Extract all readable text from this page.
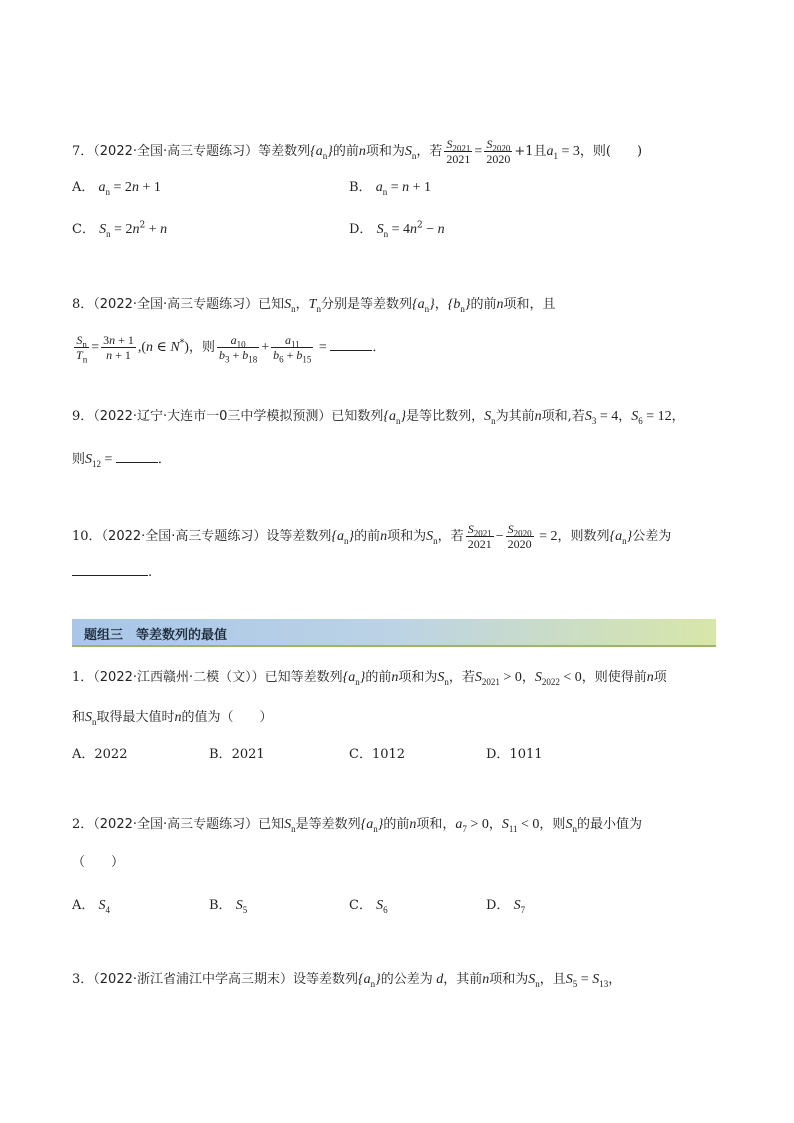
7．（2022·全国·高三专题练习）等差数列$\{a_n\}$的前n项和为$S_n$，若 $\frac{S_{2021}}{2021} = \frac{S_{2020}}{2020} +1$且$a_1 = 3$，则(　　)
A． $a_n = 2n + 1$	B． $a_n = n + 1$
C． $S_n = 2n^2 + n$	D． $S_n = 4n^2 - n$
8．（2022·全国·高三专题练习）已知$S_n$，$T_n$分别是等差数列$\{a_n\}$，$\{b_n\}$的前n项和，且
$\frac{S_n}{T_n} = \frac{3n + 1}{n + 1} ,(n$ ∈ N*)，则 $\frac{a_{10}}{b_3 + b_{18}} + \frac{a_{11}}{b_6 + b_{15}}$ =	．
9．（2022·辽宁·大连市一0三中学模拟预测）已知数列$\{a_n\}$是等比数列，$S_n$为其前n项和,若$S_3 = 4$，$S_6 = 12$，
则$S_{12}$ =	．
10．（2022·全国·高三专题练习）设等差数列$\{a_n\}$的前n项和为$S_n$，若 $\frac{S_{2021}}{2021} - \frac{S_{2020}}{2020} = 2$，则数列$\{a_n\}$公差为
.
题组三　等差数列的最值
1．（2022·江西赣州·二模（文））已知等差数列$\{a_n\}$的前n项和为$S_n$，若$S_{2021} > 0$，$S_{2022} < 0$，则使得前n项
和$S_n$取得最大值时n的值为（　　）
A．2022	B．2021	C．1012	D．1011
2．（2022·全国·高三专题练习）已知$S_n$是等差数列$\{a_n\}$的前n项和，$a_7 > 0$，$S_{11} < 0$，则$S_n$的最小值为
（　　）
A． $S_4$	B． $S_5$	C． $S_6$	D． $S_7$
3．（2022·浙江省浦江中学高三期末）设等差数列$\{a_n\}$的公差为 d，其前n项和为$S_n$，且$S_5 = S_{13}$，
